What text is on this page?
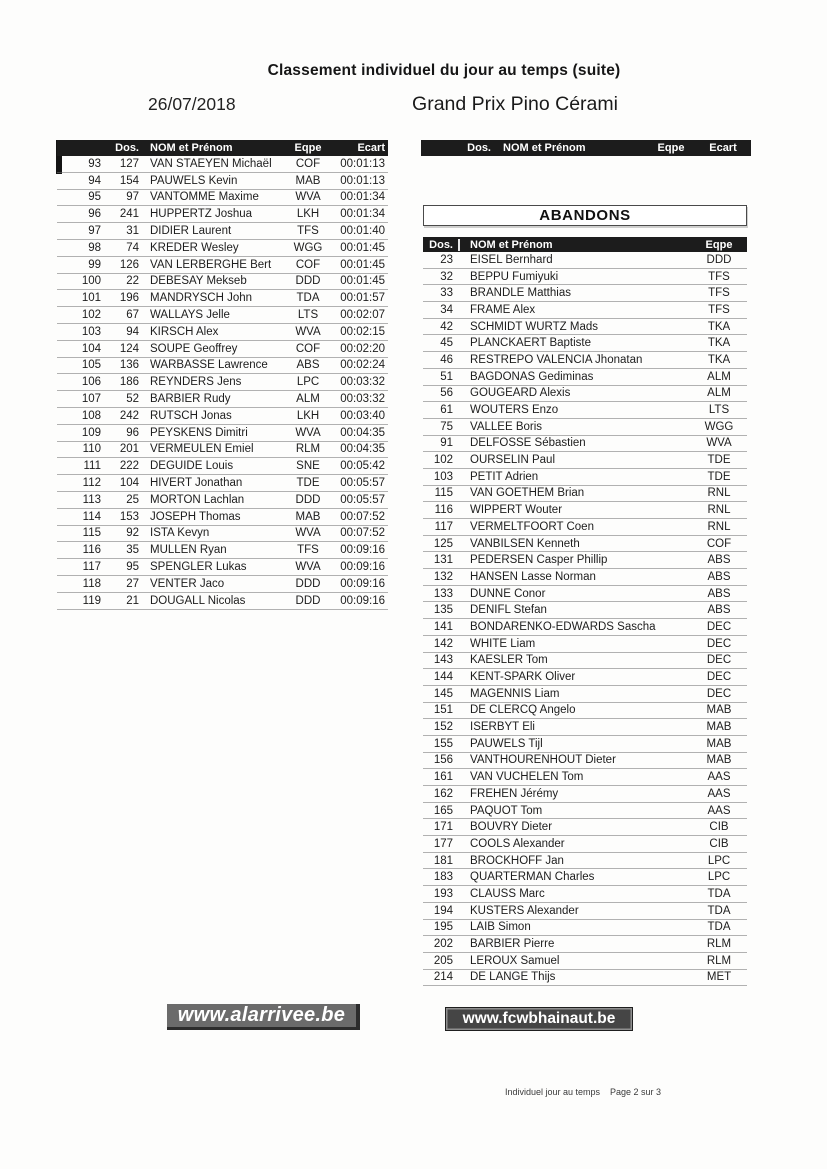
Classement individuel du jour au temps (suite)
26/07/2018	Grand Prix Pino Cérami
Dos.	NOM et Prénom	Eqpe	Ecart
93	127 VAN STAEYEN Michaël	COF	00:01:13
94	154 PAUWELS Kevin	MAB	00:01:13
95	97 VANTOMME Maxime	WVA	00:01:34
96	241 HUPPERTZ Joshua	LKH	00:01:34
97	31 DIDIER Laurent	TFS	00:01:40
98	74 KREDER Wesley	WGG	00:01:45
99	126 VAN LERBERGHE Bert	COF	00:01:45
100	22 DEBESAY Mekseb	DDD	00:01:45
101	196 MANDRYSCH John	TDA	00:01:57
102	67 WALLAYS Jelle	LTS	00:02:07
103	94 KIRSCH Alex	WVA	00:02:15
104	124 SOUPE Geoffrey	COF	00:02:20
105	136 WARBASSE Lawrence	ABS	00:02:24
106	186 REYNDERS Jens	LPC	00:03:32
107	52 BARBIER Rudy	ALM	00:03:32
108	242 RUTSCH Jonas	LKH	00:03:40
109	96 PEYSKENS Dimitri	WVA	00:04:35
110	201 VERMEULEN Emiel	RLM	00:04:35
111	222 DEGUIDE Louis	SNE	00:05:42
112	104 HIVERT Jonathan	TDE	00:05:57
113	25 MORTON Lachlan	DDD	00:05:57
114	153 JOSEPH Thomas	MAB	00:07:52
115	92 ISTA Kevyn	WVA	00:07:52
116	35 MULLEN Ryan	TFS	00:09:16
117	95 SPENGLER Lukas	WVA	00:09:16
118	27 VENTER Jaco	DDD	00:09:16
119	21 DOUGALL Nicolas	DDD	00:09:16
Dos.	NOM et Prénom	Eqpe	Ecart
ABANDONS
Dos.	NOM et Prénom	Eqpe
23	EISEL Bernhard	DDD
32	BEPPU Fumiyuki	TFS
33	BRÄNDLE Matthias	TFS
34	FRAME Alex	TFS
42	SCHMIDT WÜRTZ Mads	TKA
45	PLANCKAERT Baptiste	TKA
46	RESTREPO VALENCIA Jhonatan	TKA
51	BAGDONAS Gediminas	ALM
56	GOUGEARD Alexis	ALM
61	WOUTERS Enzo	LTS
75	VALLEE Boris	WGG
91	DELFOSSE Sébastien	WVA
102	OURSELIN Paul	TDE
103	PETIT Adrien	TDE
115	VAN GOETHEM Brian	RNL
116	WIPPERT Wouter	RNL
117	VERMELTFOORT Coen	RNL
125	VANBILSEN Kenneth	COF
131	PEDERSEN Casper Phillip	ABS
132	HANSEN Lasse Norman	ABS
133	DUNNE Conor	ABS
135	DENIFL Stefan	ABS
141	BONDARENKO-EDWARDS Sascha	DEC
142	WHITE Liam	DEC
143	KAESLER Tom	DEC
144	KENT-SPARK Oliver	DEC
145	MAGENNIS Liam	DEC
151	DE CLERCQ Angelo	MAB
152	ISERBYT Eli	MAB
155	PAUWELS Tijl	MAB
156	VANTHOURENHOUT Dieter	MAB
161	VAN VUCHELEN Tom	AAS
162	FREHEN Jérémy	AAS
165	PAQUOT Tom	AAS
171	BOUVRY Dieter	CIB
177	COOLS Alexander	CIB
181	BROCKHOFF Jan	LPC
183	QUARTERMAN Charles	LPC
193	CLAUSS Marc	TDA
194	KÜSTERS Alexander	TDA
195	LAIB Simon	TDA
202	BARBIER Pierre	RLM
205	LEROUX Samuel	RLM
214	DE LANGE Thijs	MET
www.alarrivee.be	www.fcwbhainaut.be
Individuel jour au temps Page 2 sur 3
